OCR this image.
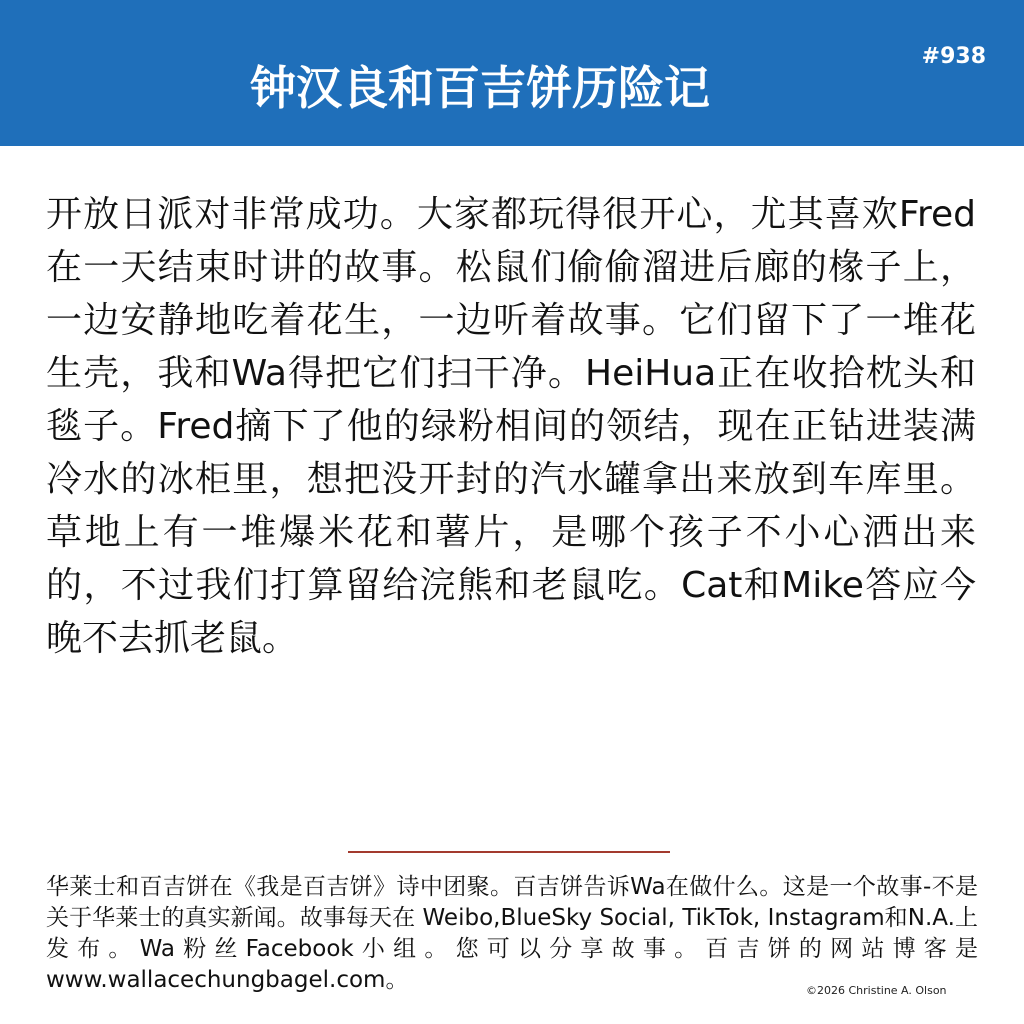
钟汉良和百吉饼历险记
#938

开放日派对非常成功。大家都玩得很开心，尤其喜欢Fred在一天结束时讲的故事。松鼠们偷偷溜进后廊的椽子上，一边安静地吃着花生，一边听着故事。它们留下了一堆花生壳，我和Wa得把它们扫干净。HeiHua正在收拾枕头和毯子。Fred摘下了他的绿粉相间的领结，现在正钻进装满冷水的冰柜里，想把没开封的汽水罐拿出来放到车库里。草地上有一堆爆米花和薯片，是哪个孩子不小心洒出来的，不过我们打算留给浣熊和老鼠吃。Cat和Mike答应今晚不去抓老鼠。

华莱士和百吉饼在《我是百吉饼》诗中团聚。百吉饼告诉Wa在做什么。这是一个故事-不是关于华莱士的真实新闻。故事每天在 Weibo,BlueSky Social, TikTok, Instagram和N.A.上发布。Wa粉丝Facebook小组。您可以分享故事。百吉饼的网站博客是www.wallacechungbagel.com。	©2026 Christine A. Olson
